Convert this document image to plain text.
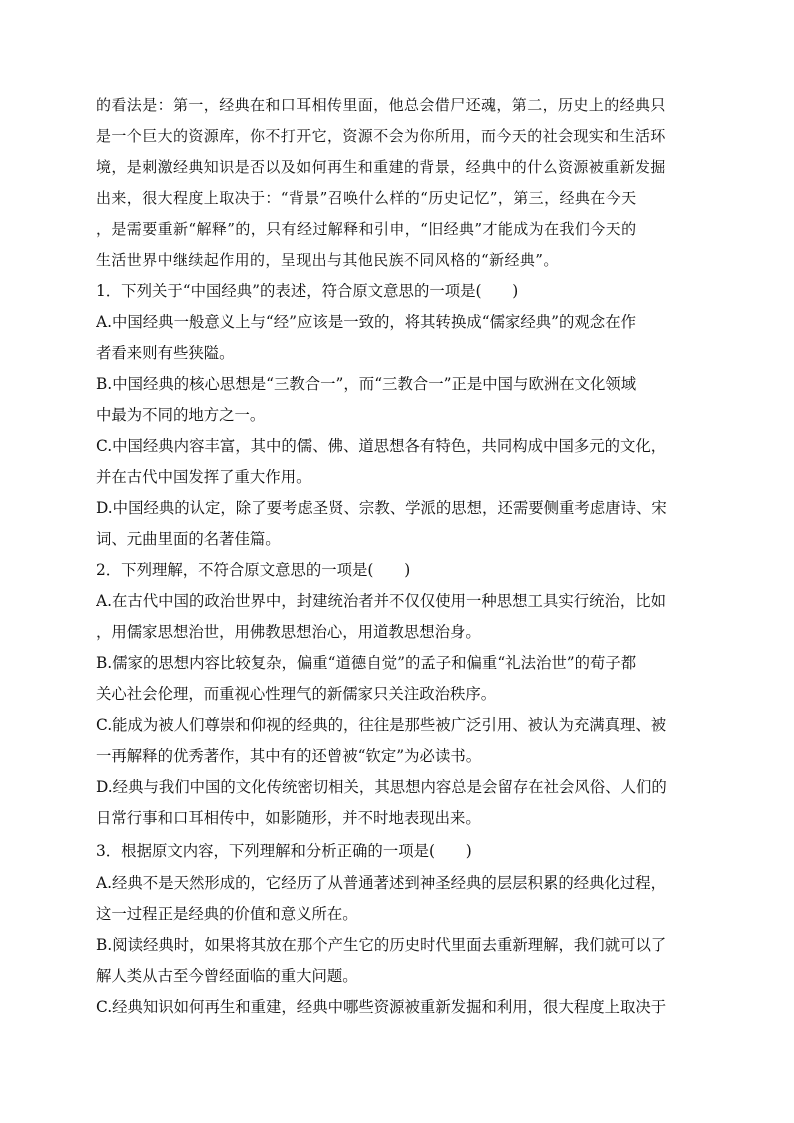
的看法是：第一，经典在和口耳相传里面，他总会借尸还魂，第二，历史上的经典只
是一个巨大的资源库，你不打开它，资源不会为你所用，而今天的社会现实和生活环
境，是刺激经典知识是否以及如何再生和重建的背景，经典中的什么资源被重新发掘
出来，很大程度上取决于：“背景”召唤什么样的“历史记忆”，第三，经典在今天
，是需要重新“解释”的，只有经过解释和引申，“旧经典”才能成为在我们今天的
生活世界中继续起作用的，呈现出与其他民族不同风格的“新经典”。
1．下列关于“中国经典”的表述，符合原文意思的一项是(　　)
A.中国经典一般意义上与“经”应该是一致的，将其转换成“儒家经典”的观念在作
者看来则有些狭隘。
B.中国经典的核心思想是“三教合一”，而“三教合一”正是中国与欧洲在文化领域
中最为不同的地方之一。
C.中国经典内容丰富，其中的儒、佛、道思想各有特色，共同构成中国多元的文化，
并在古代中国发挥了重大作用。
D.中国经典的认定，除了要考虑圣贤、宗教、学派的思想，还需要侧重考虑唐诗、宋
词、元曲里面的名著佳篇。
2．下列理解，不符合原文意思的一项是(　　)
A.在古代中国的政治世界中，封建统治者并不仅仅使用一种思想工具实行统治，比如
，用儒家思想治世，用佛教思想治心，用道教思想治身。
B.儒家的思想内容比较复杂，偏重“道德自觉”的孟子和偏重“礼法治世”的荀子都
关心社会伦理，而重视心性理气的新儒家只关注政治秩序。
C.能成为被人们尊崇和仰视的经典的，往往是那些被广泛引用、被认为充满真理、被
一再解释的优秀著作，其中有的还曾被“钦定”为必读书。
D.经典与我们中国的文化传统密切相关，其思想内容总是会留存在社会风俗、人们的
日常行事和口耳相传中，如影随形，并不时地表现出来。
3．根据原文内容，下列理解和分析正确的一项是(　　)
A.经典不是天然形成的，它经历了从普通著述到神圣经典的层层积累的经典化过程，
这一过程正是经典的价值和意义所在。
B.阅读经典时，如果将其放在那个产生它的历史时代里面去重新理解，我们就可以了
解人类从古至今曾经面临的重大问题。
C.经典知识如何再生和重建，经典中哪些资源被重新发掘和利用，很大程度上取决于
